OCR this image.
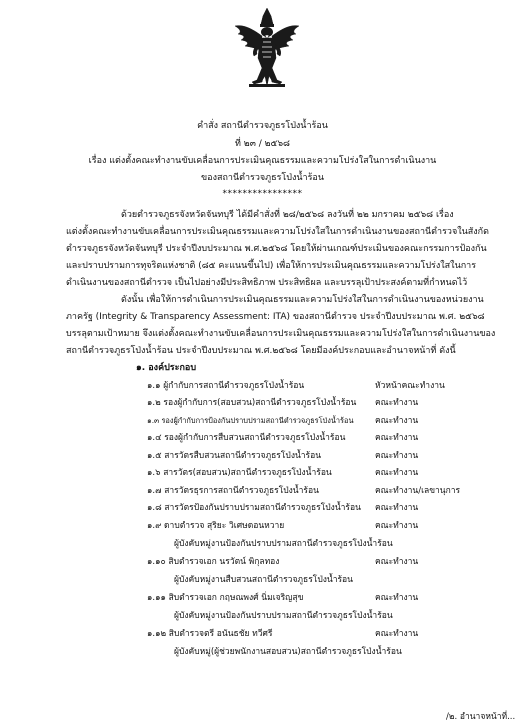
คำสั่ง สถานีตำรวจภูธรโป่งน้ำร้อน
ที่ ๒๓ / ๒๕๖๘
เรื่อง แต่งตั้งคณะทำงานขับเคลื่อนการประเมินคุณธรรมและความโปร่งใสในการดำเนินงาน
ของสถานีตำรวจภูธรโป่งน้ำร้อน
****************
ด้วยตำรวจภูธรจังหวัดจันทบุรี ได้มีคำสั่งที่ ๒๘/๒๕๖๘ ลงวันที่ ๒๒ มกราคม ๒๕๖๘ เรื่อง
แต่งตั้งคณะทำงานขับเคลื่อนการประเมินคุณธรรมและความโปร่งใสในการดำเนินงานของสถานีตำรวจในสังกัด
ตำรวจภูธรจังหวัดจันทบุรี ประจำปีงบประมาณ พ.ศ.๒๕๖๘ โดยให้ผ่านเกณฑ์ประเมินของคณะกรรมการป้องกัน
และปราบปรามการทุจริตแห่งชาติ (๘๕ คะแนนขึ้นไป) เพื่อให้การประเมินคุณธรรมและความโปร่งใสในการ
ดำเนินงานของสถานีตำรวจ เป็นไปอย่างมีประสิทธิภาพ ประสิทธิผล และบรรลุเป้าประสงค์ตามที่กำหนดไว้
ดังนั้น เพื่อให้การดำเนินการประเมินคุณธรรมและความโปร่งใสในการดำเนินงานของหน่วยงาน
ภาครัฐ (Integrity & Transparency Assessment: ITA) ของสถานีตำรวจ ประจำปีงบประมาณ พ.ศ. ๒๕๖๘
บรรลุตามเป้าหมาย จึงแต่งตั้งคณะทำงานขับเคลื่อนการประเมินคุณธรรมและความโปร่งใสในการดำเนินงานของ
สถานีตำรวจภูธรโป่งน้ำร้อน ประจำปีงบประมาณ พ.ศ.๒๕๖๘ โดยมีองค์ประกอบและอำนาจหน้าที่ ดังนี้
๑. องค์ประกอบ
๑.๑ ผู้กำกับการสถานีตำรวจภูธรโป่งน้ำร้อน	หัวหน้าคณะทำงาน
๑.๒ รองผู้กำกับการ(สอบสวน)สถานีตำรวจภูธรโป่งน้ำร้อน คณะทำงาน
๑.๓ รองผู้กำกับการป้องกันปราบปรามสถานีตำรวจภูธรโป่งน้ำร้อน	คณะทำงาน
๑.๔ รองผู้กำกับการสืบสวนสถานีตำรวจภูธรโป่งน้ำร้อน	คณะทำงาน
๑.๕ สารวัตรสืบสวนสถานีตำรวจภูธรโป่งน้ำร้อน	คณะทำงาน
๑.๖ สารวัตร(สอบสวน)สถานีตำรวจภูธรโป่งน้ำร้อน	คณะทำงาน
๑.๗ สารวัตรธุรการสถานีตำรวจภูธรโป่งน้ำร้อน	คณะทำงาน/เลขานุการ
๑.๘ สารวัตรป้องกันปราบปรามสถานีตำรวจภูธรโป่งน้ำร้อน คณะทำงาน
๑.๙ ดาบตำรวจ สุริยะ วิเศษดอนหวาย	คณะทำงาน
ผู้บังคับหมู่งานป้องกันปราบปรามสถานีตำรวจภูธรโป่งน้ำร้อน
๑.๑๐ สิบตำรวจเอก นรวัตน์ พิกุลทอง	คณะทำงาน
ผู้บังคับหมู่งานสืบสวนสถานีตำรวจภูธรโป่งน้ำร้อน
๑.๑๑ สิบตำรวจเอก กฤษณพงศ์ นิ่มเจริญสุข	คณะทำงาน
ผู้บังคับหมู่งานป้องกันปราบปรามสถานีตำรวจภูธรโป่งน้ำร้อน
๑.๑๒ สิบตำรวจตรี อนันธชัย ทวีศรี	คณะทำงาน
ผู้บังคับหมู่(ผู้ช่วยพนักงานสอบสวน)สถานีตำรวจภูธรโป่งน้ำร้อน
/๒. อำนาจหน้าที่...
